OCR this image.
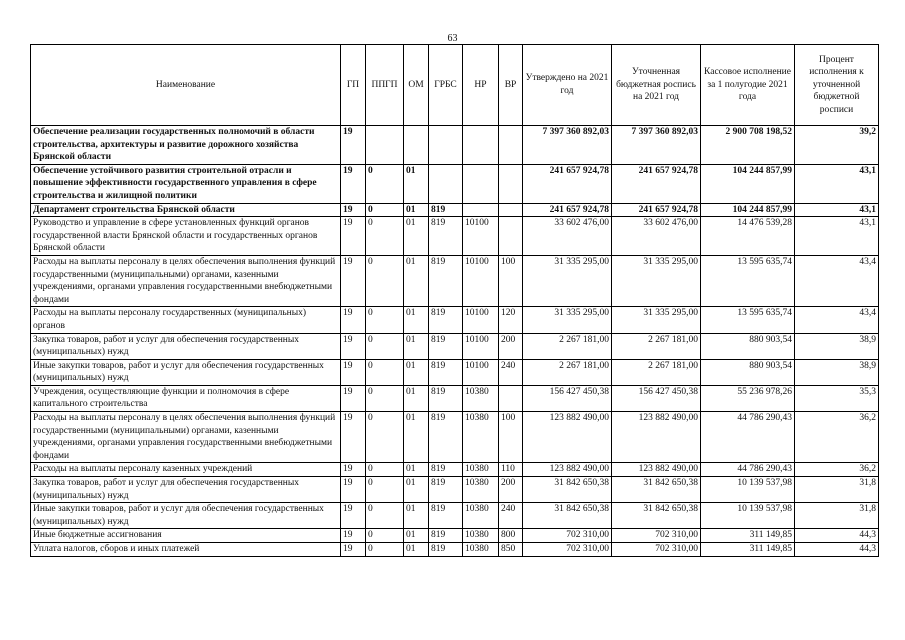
63
Наименование	ГП	ППГП	ОМ	ГРБС	НР	ВР	Утверждено на 2021 год	Уточненная бюджетная роспись на 2021 год	Кассовое исполнение за 1 полугодие 2021 года	Процент исполнения к уточненной бюджетной росписи
Обеспечение реализации государственных полномочий в области строительства, архитектуры и развитие дорожного хозяйства Брянской области	19						7 397 360 892,03	7 397 360 892,03	2 900 708 198,52	39,2
Обеспечение устойчивого развития строительной отрасли и повышение эффективности государственного управления в сфере строительства и жилищной политики	19	0	01				241 657 924,78	241 657 924,78	104 244 857,99	43,1
Департамент строительства Брянской области	19	0	01	819			241 657 924,78	241 657 924,78	104 244 857,99	43,1
Руководство и управление в сфере установленных функций органов государственной власти Брянской области и государственных органов Брянской области	19	0	01	819	10100		33 602 476,00	33 602 476,00	14 476 539,28	43,1
Расходы на выплаты персоналу в целях обеспечения выполнения функций государственными (муниципальными) органами, казенными учреждениями, органами управления государственными внебюджетными фондами	19	0	01	819	10100	100	31 335 295,00	31 335 295,00	13 595 635,74	43,4
Расходы на выплаты персоналу государственных (муниципальных) органов	19	0	01	819	10100	120	31 335 295,00	31 335 295,00	13 595 635,74	43,4
Закупка товаров, работ и услуг для обеспечения государственных (муниципальных) нужд	19	0	01	819	10100	200	2 267 181,00	2 267 181,00	880 903,54	38,9
Иные закупки товаров, работ и услуг для обеспечения государственных (муниципальных) нужд	19	0	01	819	10100	240	2 267 181,00	2 267 181,00	880 903,54	38,9
Учреждения, осуществляющие функции и полномочия в сфере капитального строительства	19	0	01	819	10380		156 427 450,38	156 427 450,38	55 236 978,26	35,3
Расходы на выплаты персоналу в целях обеспечения выполнения функций государственными (муниципальными) органами, казенными учреждениями, органами управления государственными внебюджетными фондами	19	0	01	819	10380	100	123 882 490,00	123 882 490,00	44 786 290,43	36,2
Расходы на выплаты персоналу казенных учреждений	19	0	01	819	10380	110	123 882 490,00	123 882 490,00	44 786 290,43	36,2
Закупка товаров, работ и услуг для обеспечения государственных (муниципальных) нужд	19	0	01	819	10380	200	31 842 650,38	31 842 650,38	10 139 537,98	31,8
Иные закупки товаров, работ и услуг для обеспечения государственных (муниципальных) нужд	19	0	01	819	10380	240	31 842 650,38	31 842 650,38	10 139 537,98	31,8
Иные бюджетные ассигнования	19	0	01	819	10380	800	702 310,00	702 310,00	311 149,85	44,3
Уплата налогов, сборов и иных платежей	19	0	01	819	10380	850	702 310,00	702 310,00	311 149,85	44,3
